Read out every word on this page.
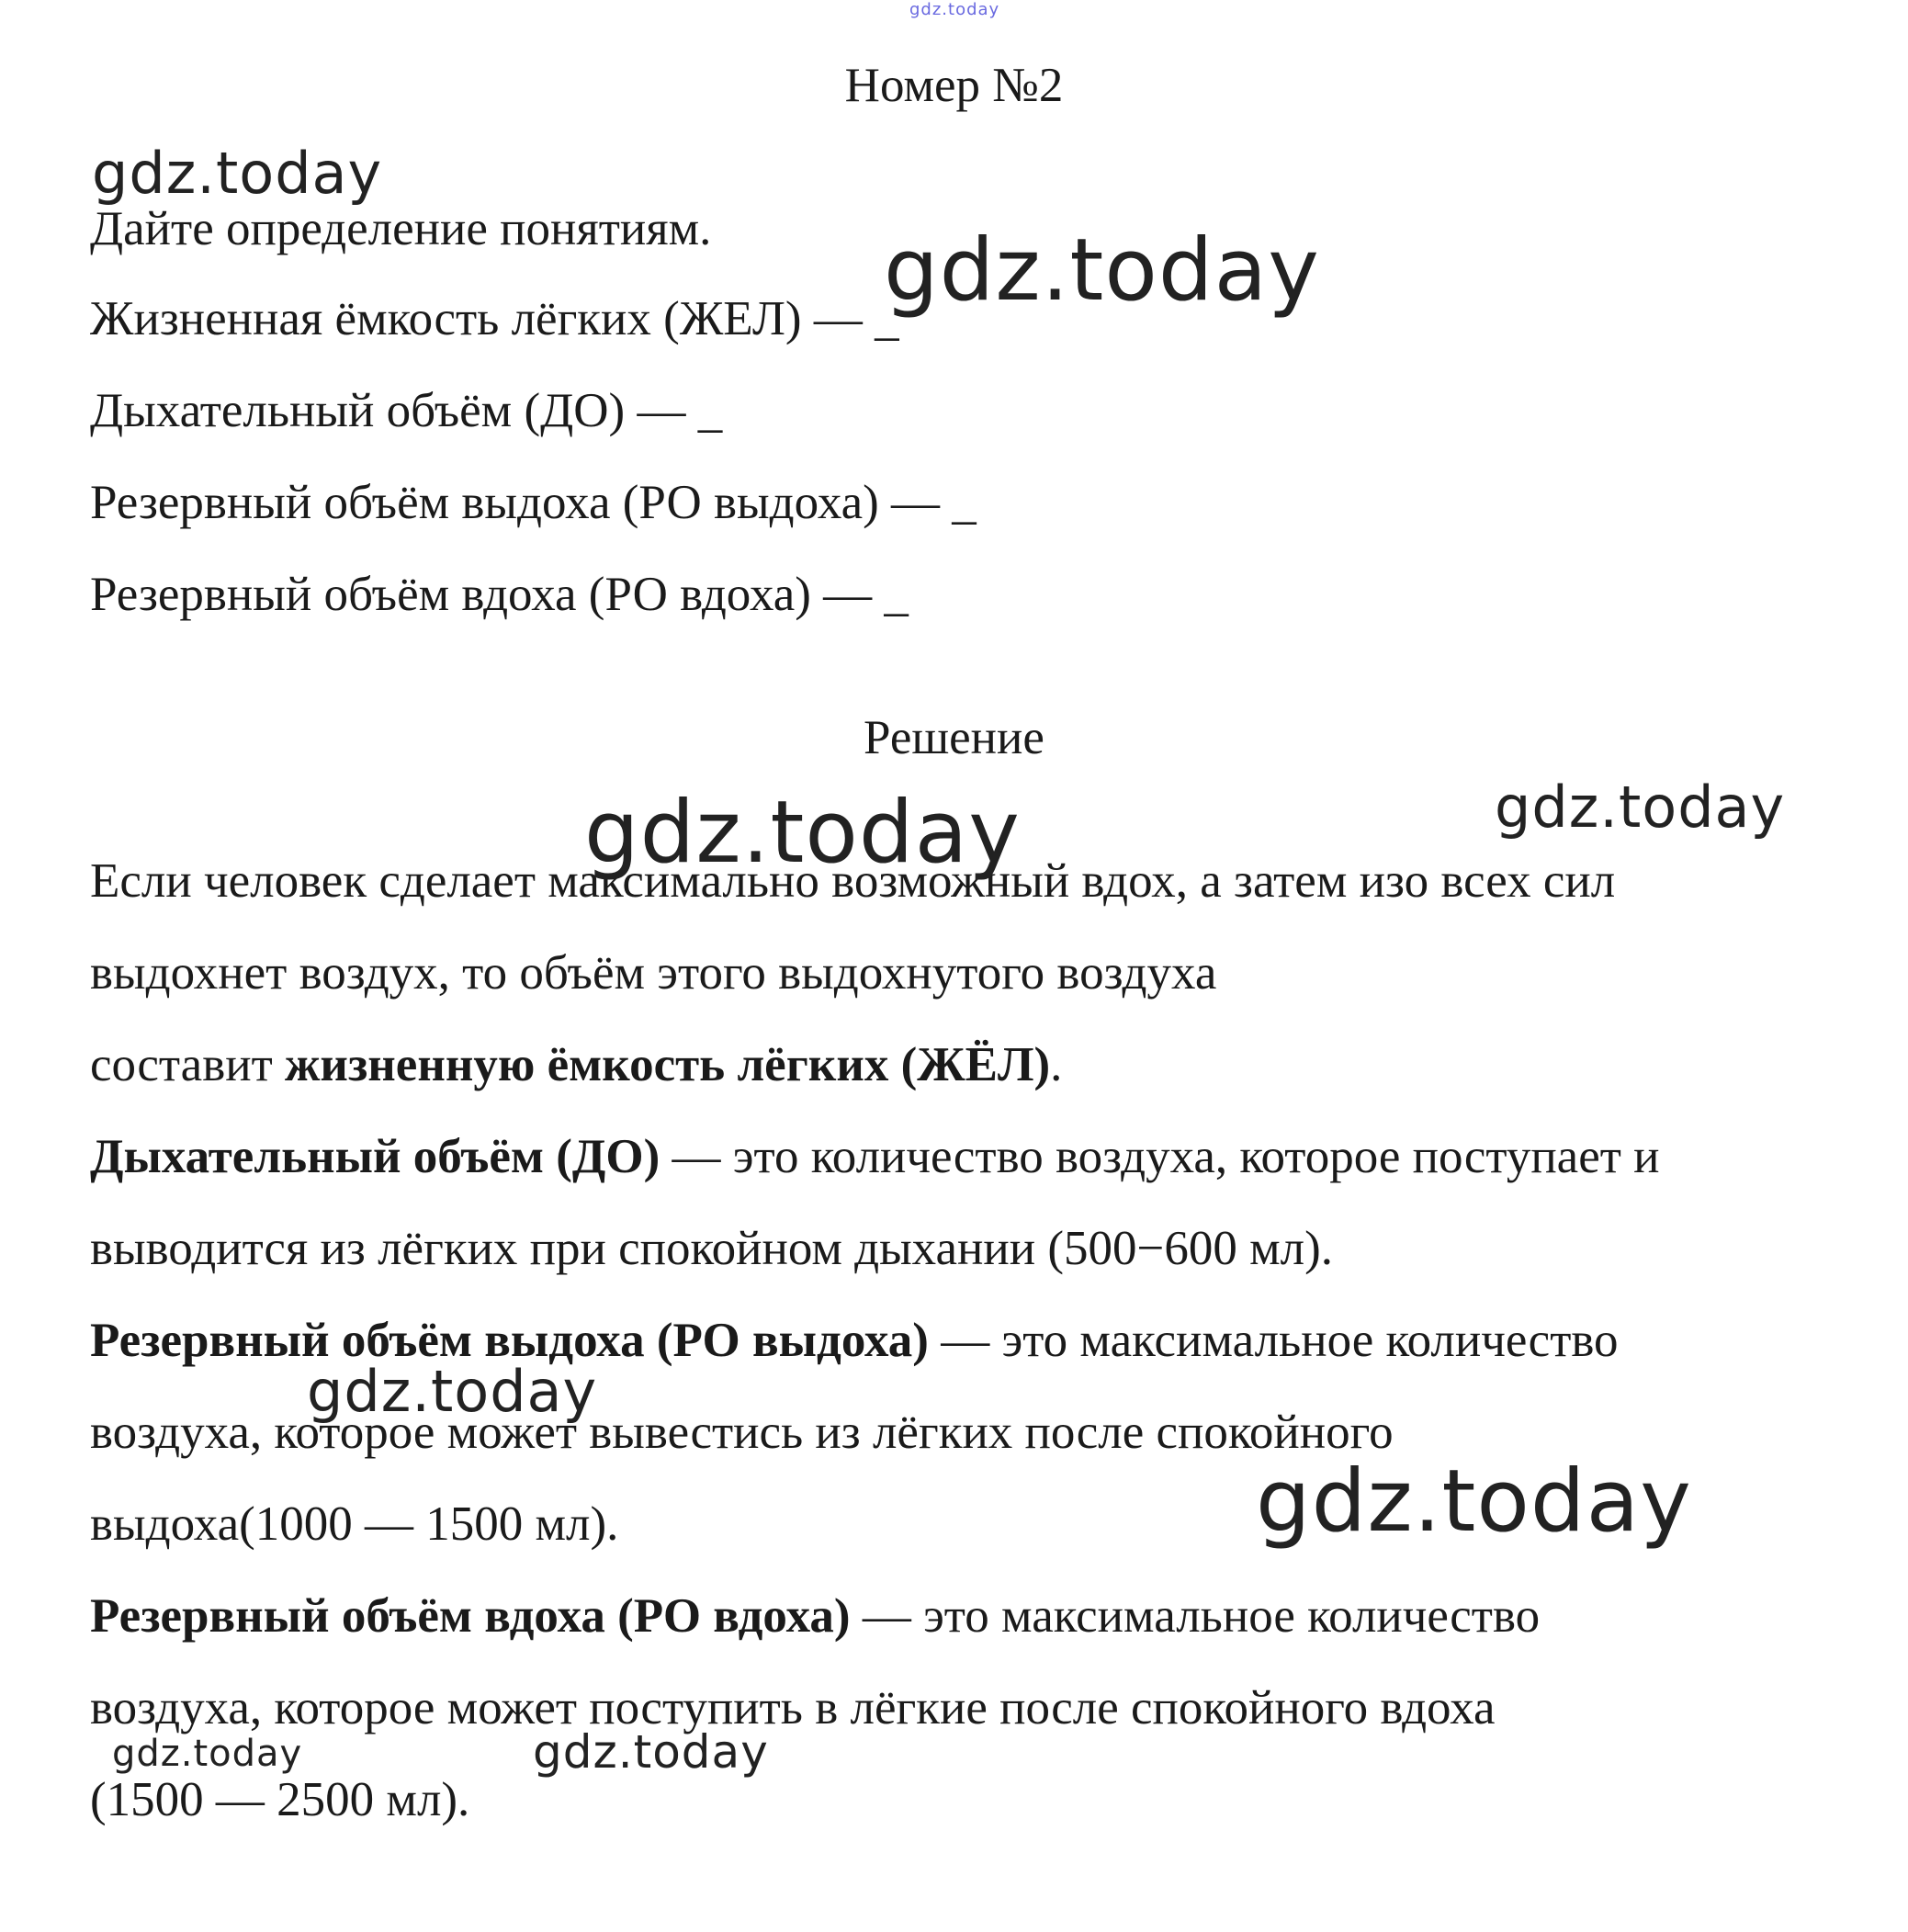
gdz.today
Номер №2

Дайте определение понятиям.

Жизненная ёмкость лёгких (ЖЕЛ) — _

Дыхательный объём (ДО) — _

Резервный объём выдоха (РО выдоха) — _

Резервный объём вдоха (РО вдоха) — _

Решение

Если человек сделает максимально возможный вдох, а затем изо всех сил

выдохнет воздух, то объём этого выдохнутого воздуха

составит жизненную ёмкость лёгких (ЖЁЛ).

Дыхательный объём (ДО) — это количество воздуха, которое поступает и

выводится из лёгких при спокойном дыхании (500−600 мл).

Резервный объём выдоха (РО выдоха) — это максимальное количество

воздуха, которое может вывестись из лёгких после спокойного

выдоха(1000 — 1500 мл).

Резервный объём вдоха (РО вдоха) — это максимальное количество

воздуха, которое может поступить в лёгкие после спокойного вдоха

(1500 — 2500 мл).

gdz.today
gdz.today
gdz.today	gdz.today
gdz.today
gdz.today
gdz.today	gdz.today
